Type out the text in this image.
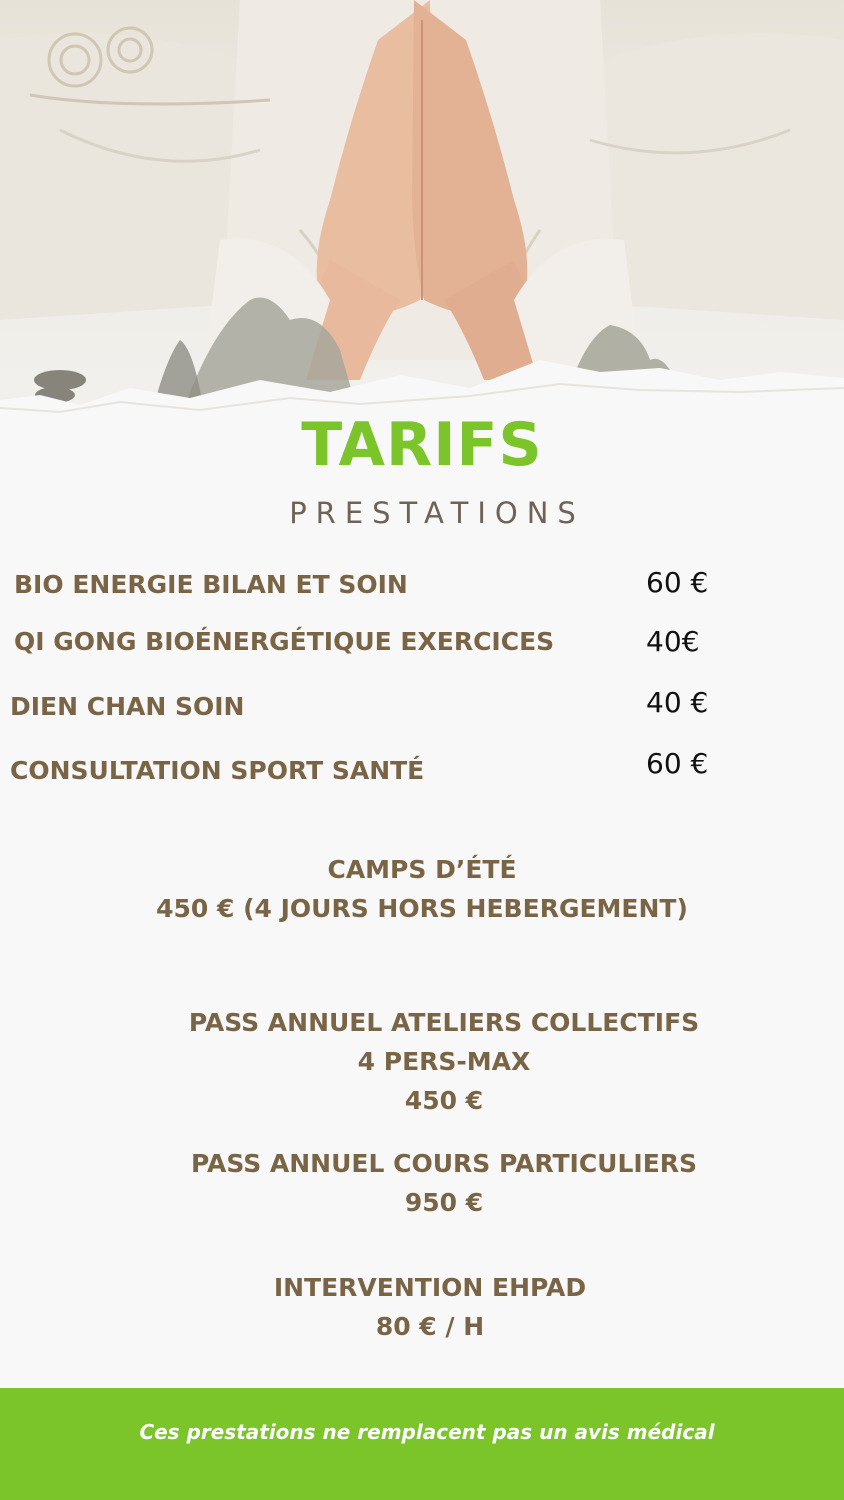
TARIFS
PRESTATIONS
BIO ENERGIE BILAN ET SOIN	60 €
QI GONG BIOÉNERGÉTIQUE EXERCICES	40€
DIEN CHAN SOIN	40 €
CONSULTATION SPORT SANTÉ	60 €
CAMPS D’ÉTÉ
450 € (4 JOURS HORS HEBERGEMENT)
PASS ANNUEL ATELIERS COLLECTIFS
4 PERS-MAX
450 €
PASS ANNUEL COURS PARTICULIERS
950 €
INTERVENTION EHPAD
80 € / H
Ces prestations ne remplacent pas un avis médical
